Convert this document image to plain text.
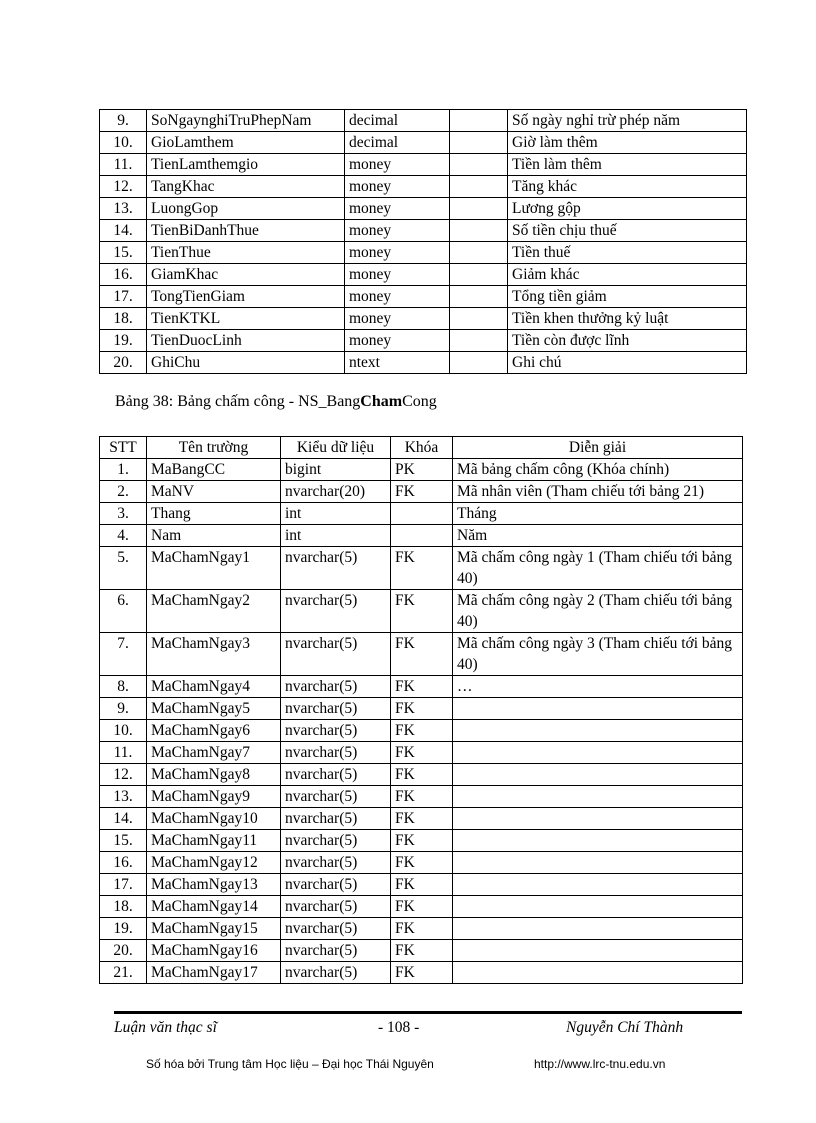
9.	SoNgaynghiTruPhepNam	decimal		Số ngày nghỉ trừ phép năm
10.	GioLamthem	decimal		Giờ làm thêm
11.	TienLamthemgio	money		Tiền làm thêm
12.	TangKhac	money		Tăng khác
13.	LuongGop	money		Lương gộp
14.	TienBiDanhThue	money		Số tiền chịu thuế
15.	TienThue	money		Tiền thuế
16.	GiamKhac	money		Giảm khác
17.	TongTienGiam	money		Tổng tiền giảm
18.	TienKTKL	money		Tiền khen thưởng kỷ luật
19.	TienDuocLinh	money		Tiền còn được lĩnh
20.	GhiChu	ntext		Ghi chú
Bảng 38: Bảng chấm công - NS_BangChamCong
STT	Tên trường	Kiểu dữ liệu	Khóa	Diễn giải
1.	MaBangCC	bigint	PK	Mã bảng chấm công (Khóa chính)
2.	MaNV	nvarchar(20)	FK	Mã nhân viên (Tham chiếu tới bảng 21)
3.	Thang	int		Tháng
4.	Nam	int		Năm
5.	MaChamNgay1	nvarchar(5)	FK	Mã chấm công ngày 1 (Tham chiếu tới bảng 40)
6.	MaChamNgay2	nvarchar(5)	FK	Mã chấm công ngày 2 (Tham chiếu tới bảng 40)
7.	MaChamNgay3	nvarchar(5)	FK	Mã chấm công ngày 3 (Tham chiếu tới bảng 40)
8.	MaChamNgay4	nvarchar(5)	FK	…
9.	MaChamNgay5	nvarchar(5)	FK	
10.	MaChamNgay6	nvarchar(5)	FK	
11.	MaChamNgay7	nvarchar(5)	FK	
12.	MaChamNgay8	nvarchar(5)	FK	
13.	MaChamNgay9	nvarchar(5)	FK	
14.	MaChamNgay10	nvarchar(5)	FK	
15.	MaChamNgay11	nvarchar(5)	FK	
16.	MaChamNgay12	nvarchar(5)	FK	
17.	MaChamNgay13	nvarchar(5)	FK	
18.	MaChamNgay14	nvarchar(5)	FK	
19.	MaChamNgay15	nvarchar(5)	FK	
20.	MaChamNgay16	nvarchar(5)	FK	
21.	MaChamNgay17	nvarchar(5)	FK	
Luận văn thạc sĩ	- 108 -	Nguyễn Chí Thành
Số hóa bởi Trung tâm Học liệu – Đại học Thái Nguyên	http://www.lrc-tnu.edu.vn
